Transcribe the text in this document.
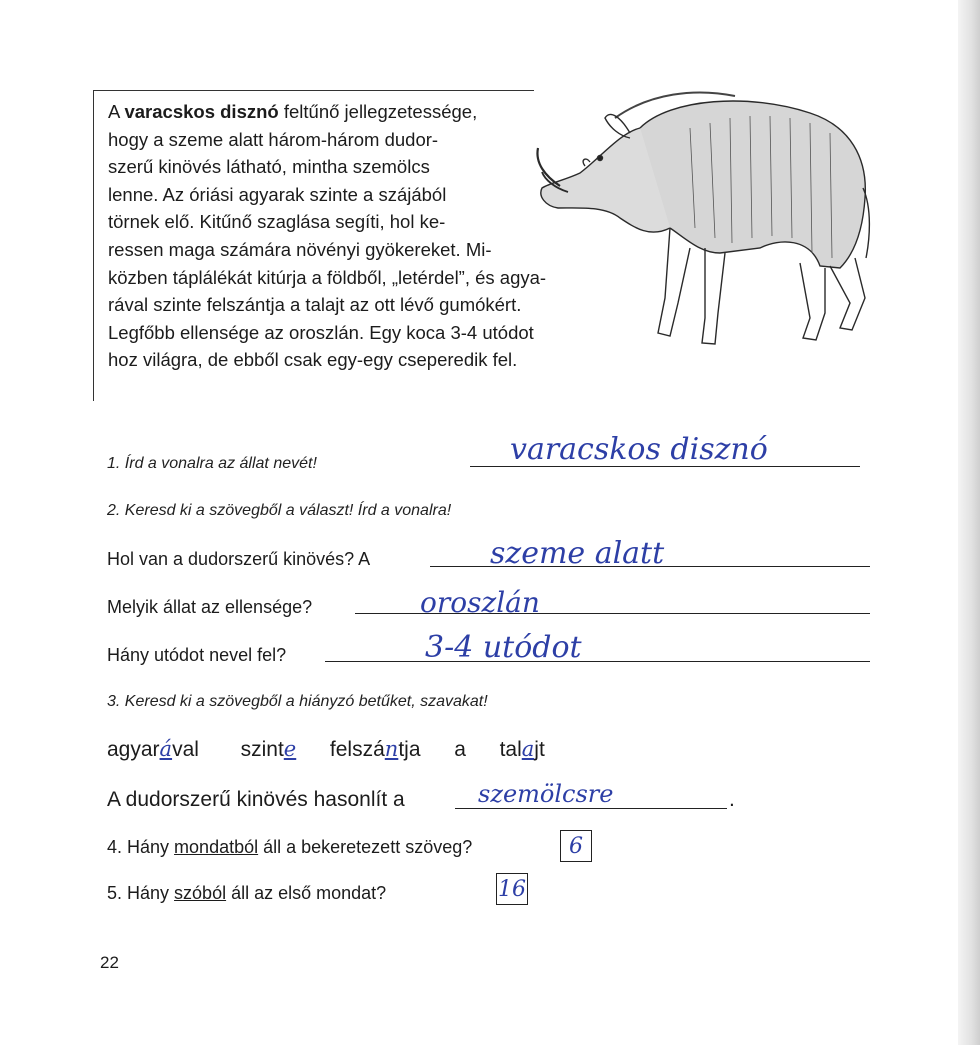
A varacskos disznó feltűnő jellegzetessége,

hogy a szeme alatt három-három dudor-

szerű kinövés látható, mintha szemölcs

lenne. Az óriási agyarak szinte a szájából

törnek elő. Kitűnő szaglása segíti, hol ke-

ressen maga számára növényi gyökereket. Mi-

közben táplálékát kitúrja a földből, „letérdel”, és agya-

rával szinte felszántja a talajt az ott lévő gumókért.

Legfőbb ellensége az oroszlán. Egy koca 3-4 utódot

hoz világra, de ebből csak egy-egy cseperedik fel.

1. Írd a vonalra az állat nevét!	varacskos disznó
2. Keresd ki a szövegből a választ! Írd a vonalra!
Hol van a dudorszerű kinövés? A	szeme alatt
Melyik állat az ellensége?	oroszlán
Hány utódot nevel fel?	3-4 utódot
3. Keresd ki a szövegből a hiányzó betűket, szavakat!
agyarával szinte felszántja a talajt
A dudorszerű kinövés hasonlít a	szemölcsre	.
4. Hány mondatból áll a bekeretezett szöveg?	6
5. Hány szóból áll az első mondat?	16
22
